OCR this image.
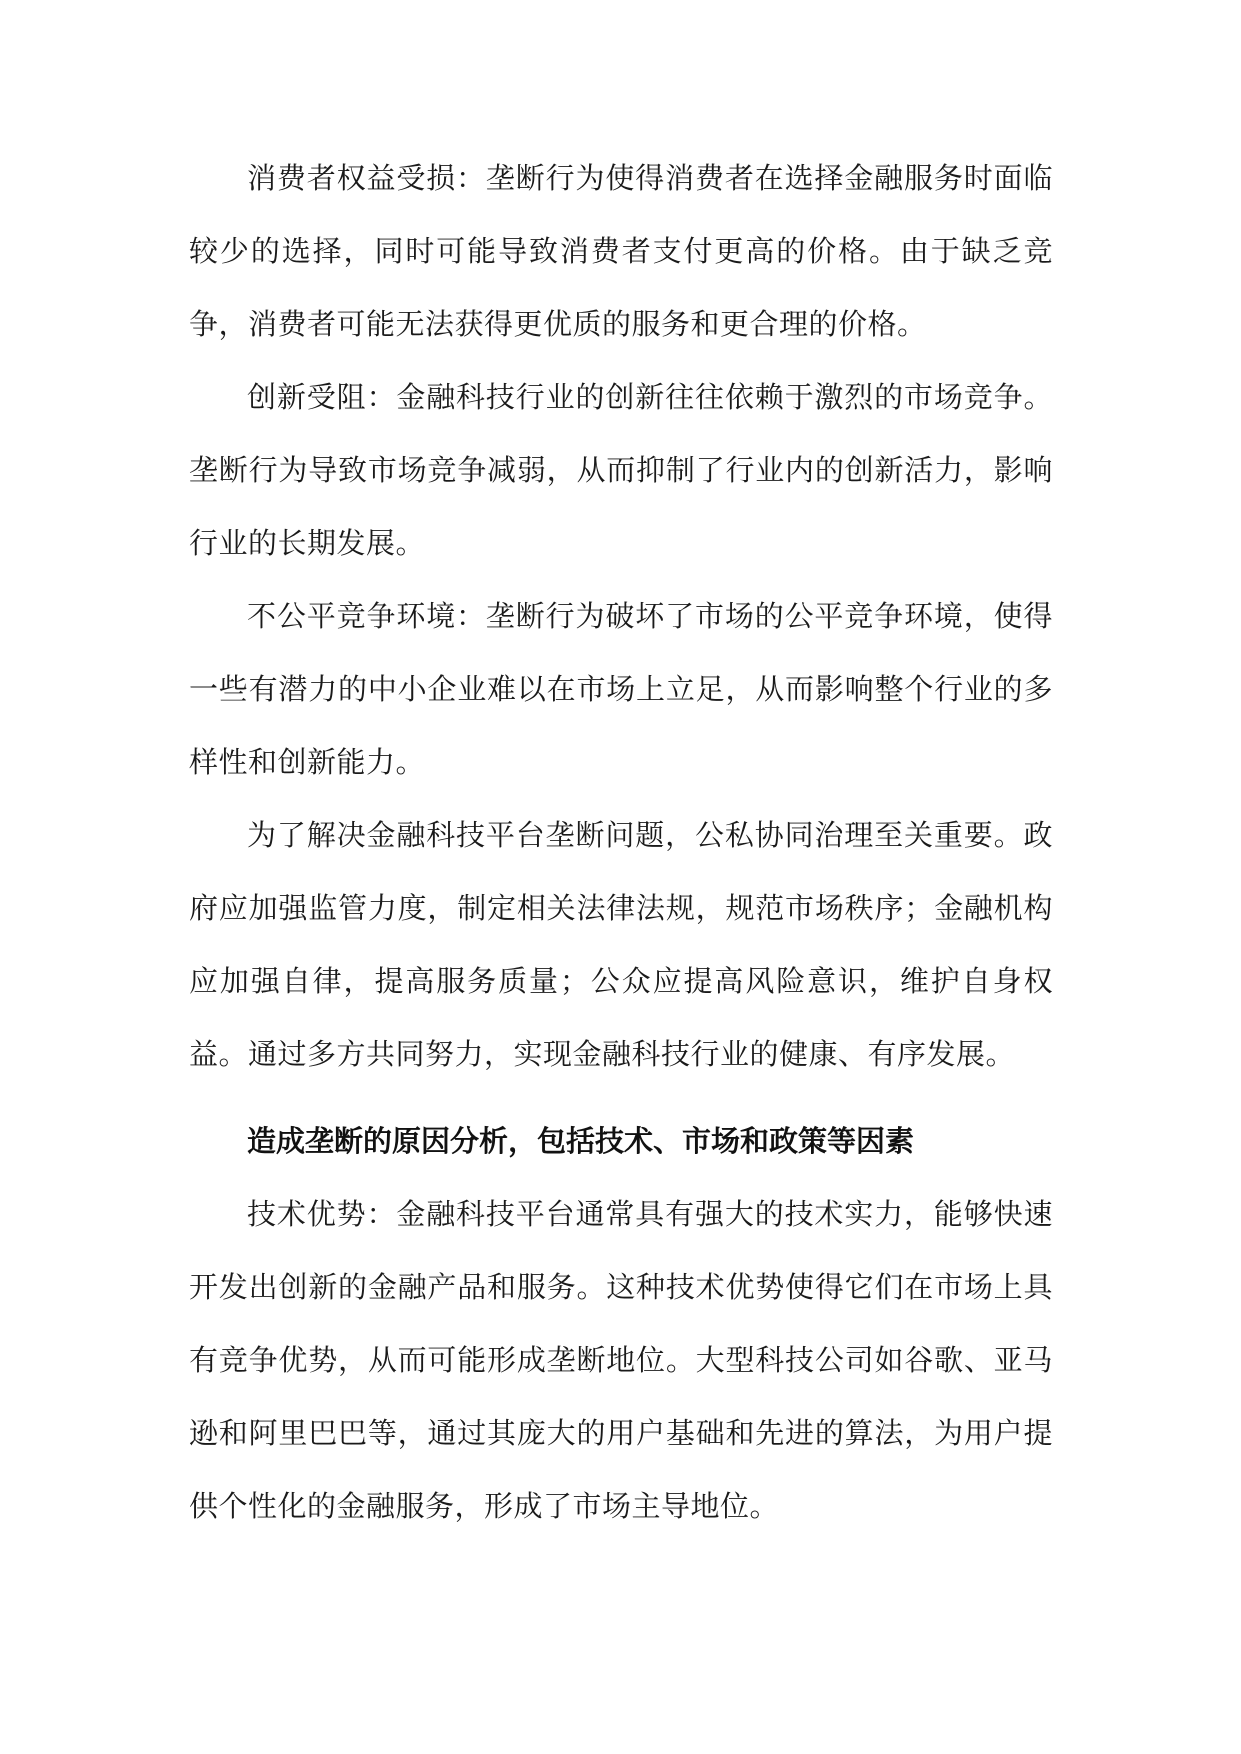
消费者权益受损：垄断行为使得消费者在选择金融服务时面临较少的选择，同时可能导致消费者支付更高的价格。由于缺乏竞争，消费者可能无法获得更优质的服务和更合理的价格。

创新受阻：金融科技行业的创新往往依赖于激烈的市场竞争。垄断行为导致市场竞争减弱，从而抑制了行业内的创新活力，影响行业的长期发展。

不公平竞争环境：垄断行为破坏了市场的公平竞争环境，使得一些有潜力的中小企业难以在市场上立足，从而影响整个行业的多样性和创新能力。

为了解决金融科技平台垄断问题，公私协同治理至关重要。政府应加强监管力度，制定相关法律法规，规范市场秩序；金融机构应加强自律，提高服务质量；公众应提高风险意识，维护自身权益。通过多方共同努力，实现金融科技行业的健康、有序发展。

造成垄断的原因分析，包括技术、市场和政策等因素

技术优势：金融科技平台通常具有强大的技术实力，能够快速开发出创新的金融产品和服务。这种技术优势使得它们在市场上具有竞争优势，从而可能形成垄断地位。大型科技公司如谷歌、亚马逊和阿里巴巴等，通过其庞大的用户基础和先进的算法，为用户提供个性化的金融服务，形成了市场主导地位。
